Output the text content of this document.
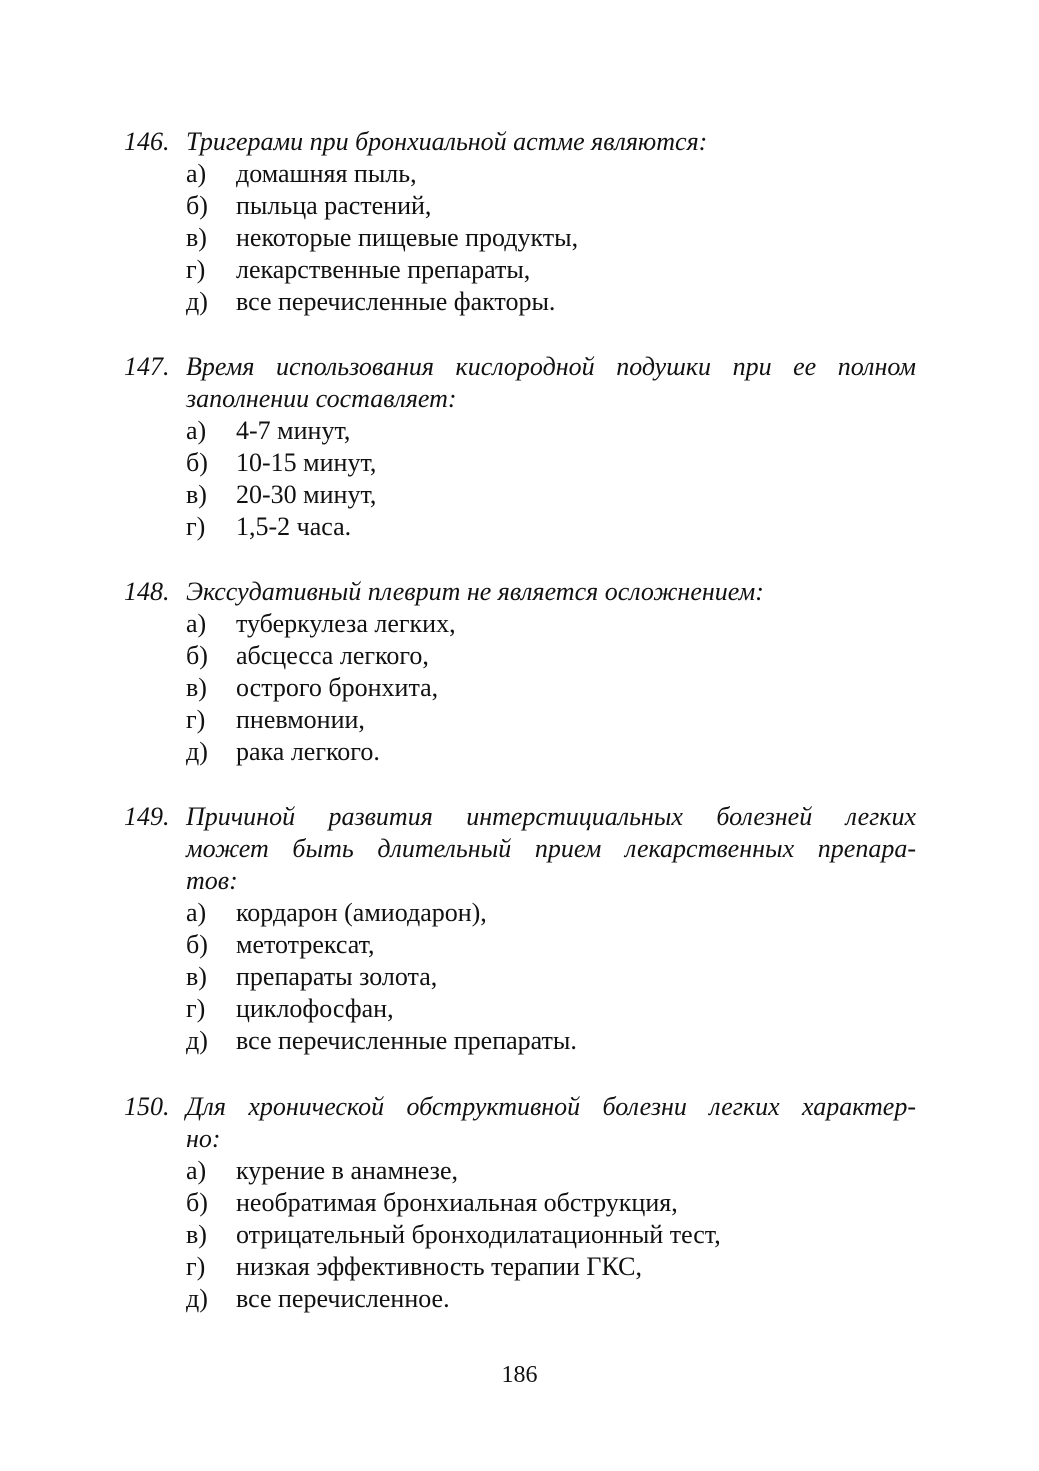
146. Тригерами при бронхиальной астме являются:
а)	домашняя пыль,
б)	пыльца растений,
в)	некоторые пищевые продукты,
г)	лекарственные препараты,
д)	все перечисленные факторы.
147. Время использования кислородной подушки при ее полном
заполнении составляет:
а)	4-7 минут,
б)	10-15 минут,
в)	20-30 минут,
г)	1,5-2 часа.
148. Экссудативный плеврит не является осложнением:
а)	туберкулеза легких,
б)	абсцесса легкого,
в)	острого бронхита,
г)	пневмонии,
д)	рака легкого.
149. Причиной развития интерстициальных болезней легких
может быть длительный прием лекарственных препара-
тов:
а)	кордарон (амиодарон),
б)	метотрексат,
в)	препараты золота,
г)	циклофосфан,
д)	все перечисленные препараты.
150. Для хронической обструктивной болезни легких характер-
но:
а)	курение в анамнезе,
б)	необратимая бронхиальная обструкция,
в)	отрицательный бронходилатационный тест,
г)	низкая эффективность терапии ГКС,
д)	все перечисленное.
186
